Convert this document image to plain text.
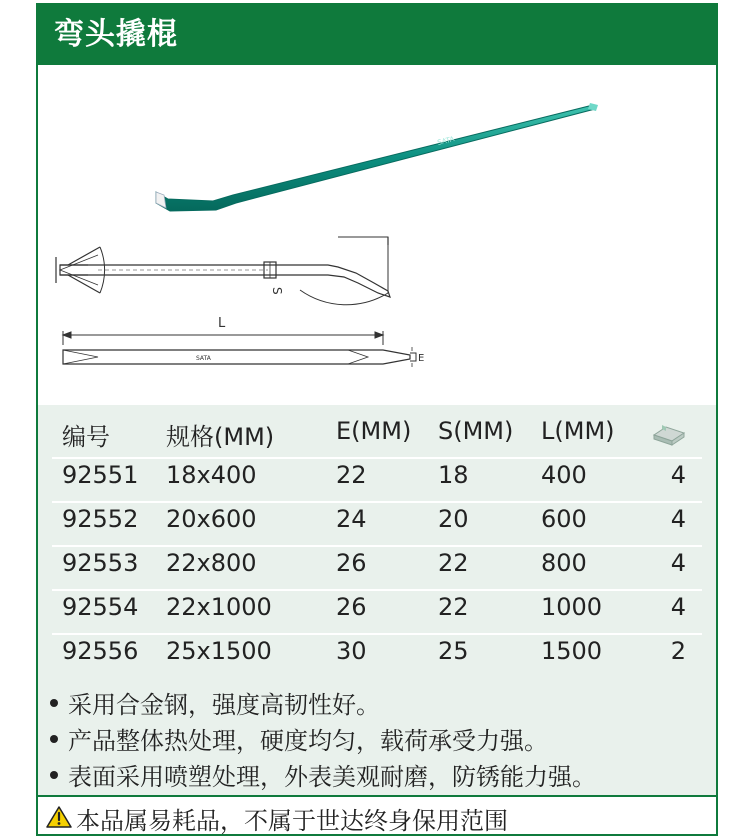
弯头撬棍
SATA
S
L
E
SATA
编号 规格(MM)	E(MM) S(MM) L(MM)
92551 18x400	22	18	400	4
92552 20x600	24	20	600	4
92553 22x800	26	22	800	4
92554 22x1000	26	22	1000	4
92556 25x1500	30	25	1500	2
采用合金钢，强度高韧性好。
产品整体热处理，硬度均匀，载荷承受力强。
表面采用喷塑处理，外表美观耐磨，防锈能力强。
本品属易耗品，不属于世达终身保用范围
